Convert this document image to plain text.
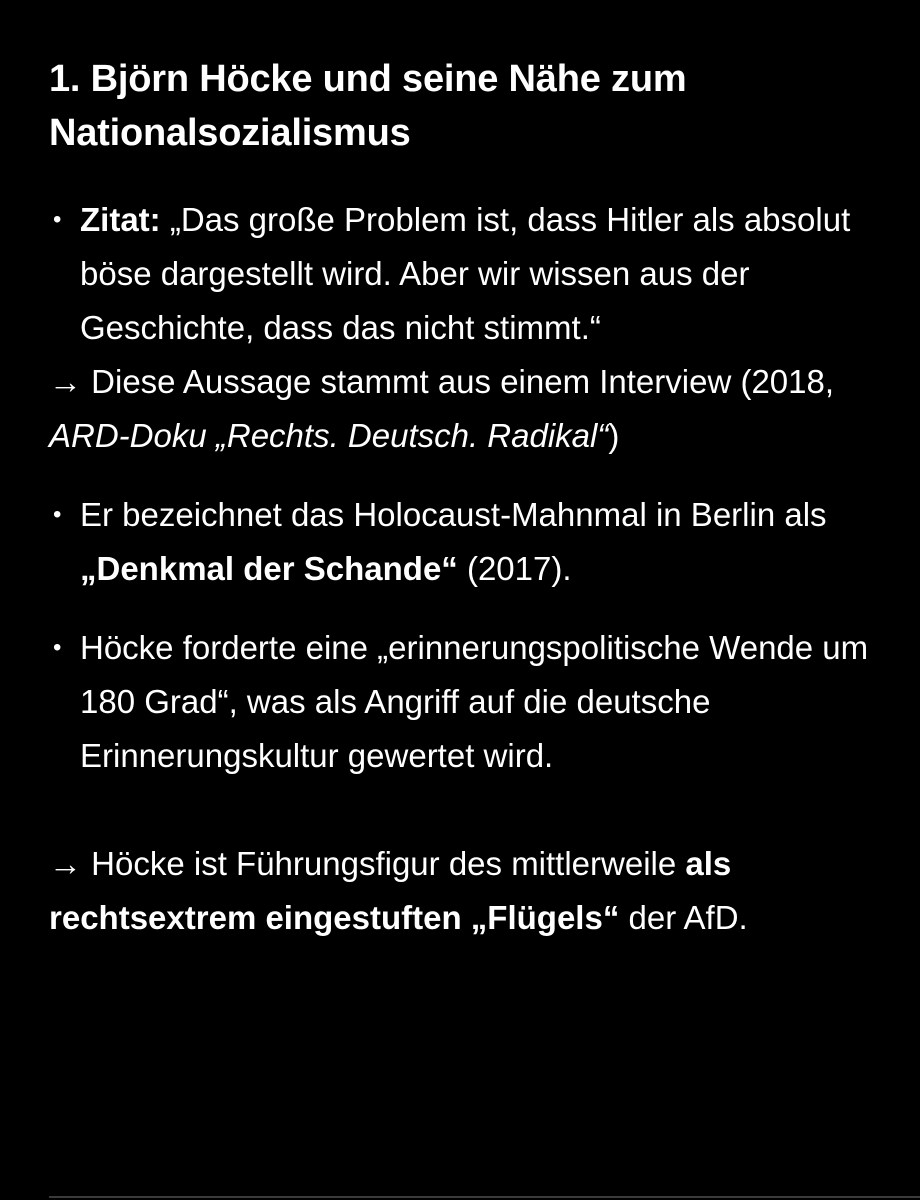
1. Björn Höcke und seine Nähe zum Nationalsozialismus
• Zitat: „Das große Problem ist, dass Hitler als absolut böse dargestellt wird. Aber wir wissen aus der Geschichte, dass das nicht stimmt.“
→ Diese Aussage stammt aus einem Interview (2018, ARD-Doku „Rechts. Deutsch. Radikal“)
• Er bezeichnet das Holocaust-Mahnmal in Berlin als „Denkmal der Schande“ (2017).
• Höcke forderte eine „erinnerungspolitische Wende um 180 Grad“, was als Angriff auf die deutsche Erinnerungskultur gewertet wird.
→ Höcke ist Führungsfigur des mittlerweile als rechtsextrem eingestuften „Flügels“ der AfD.
